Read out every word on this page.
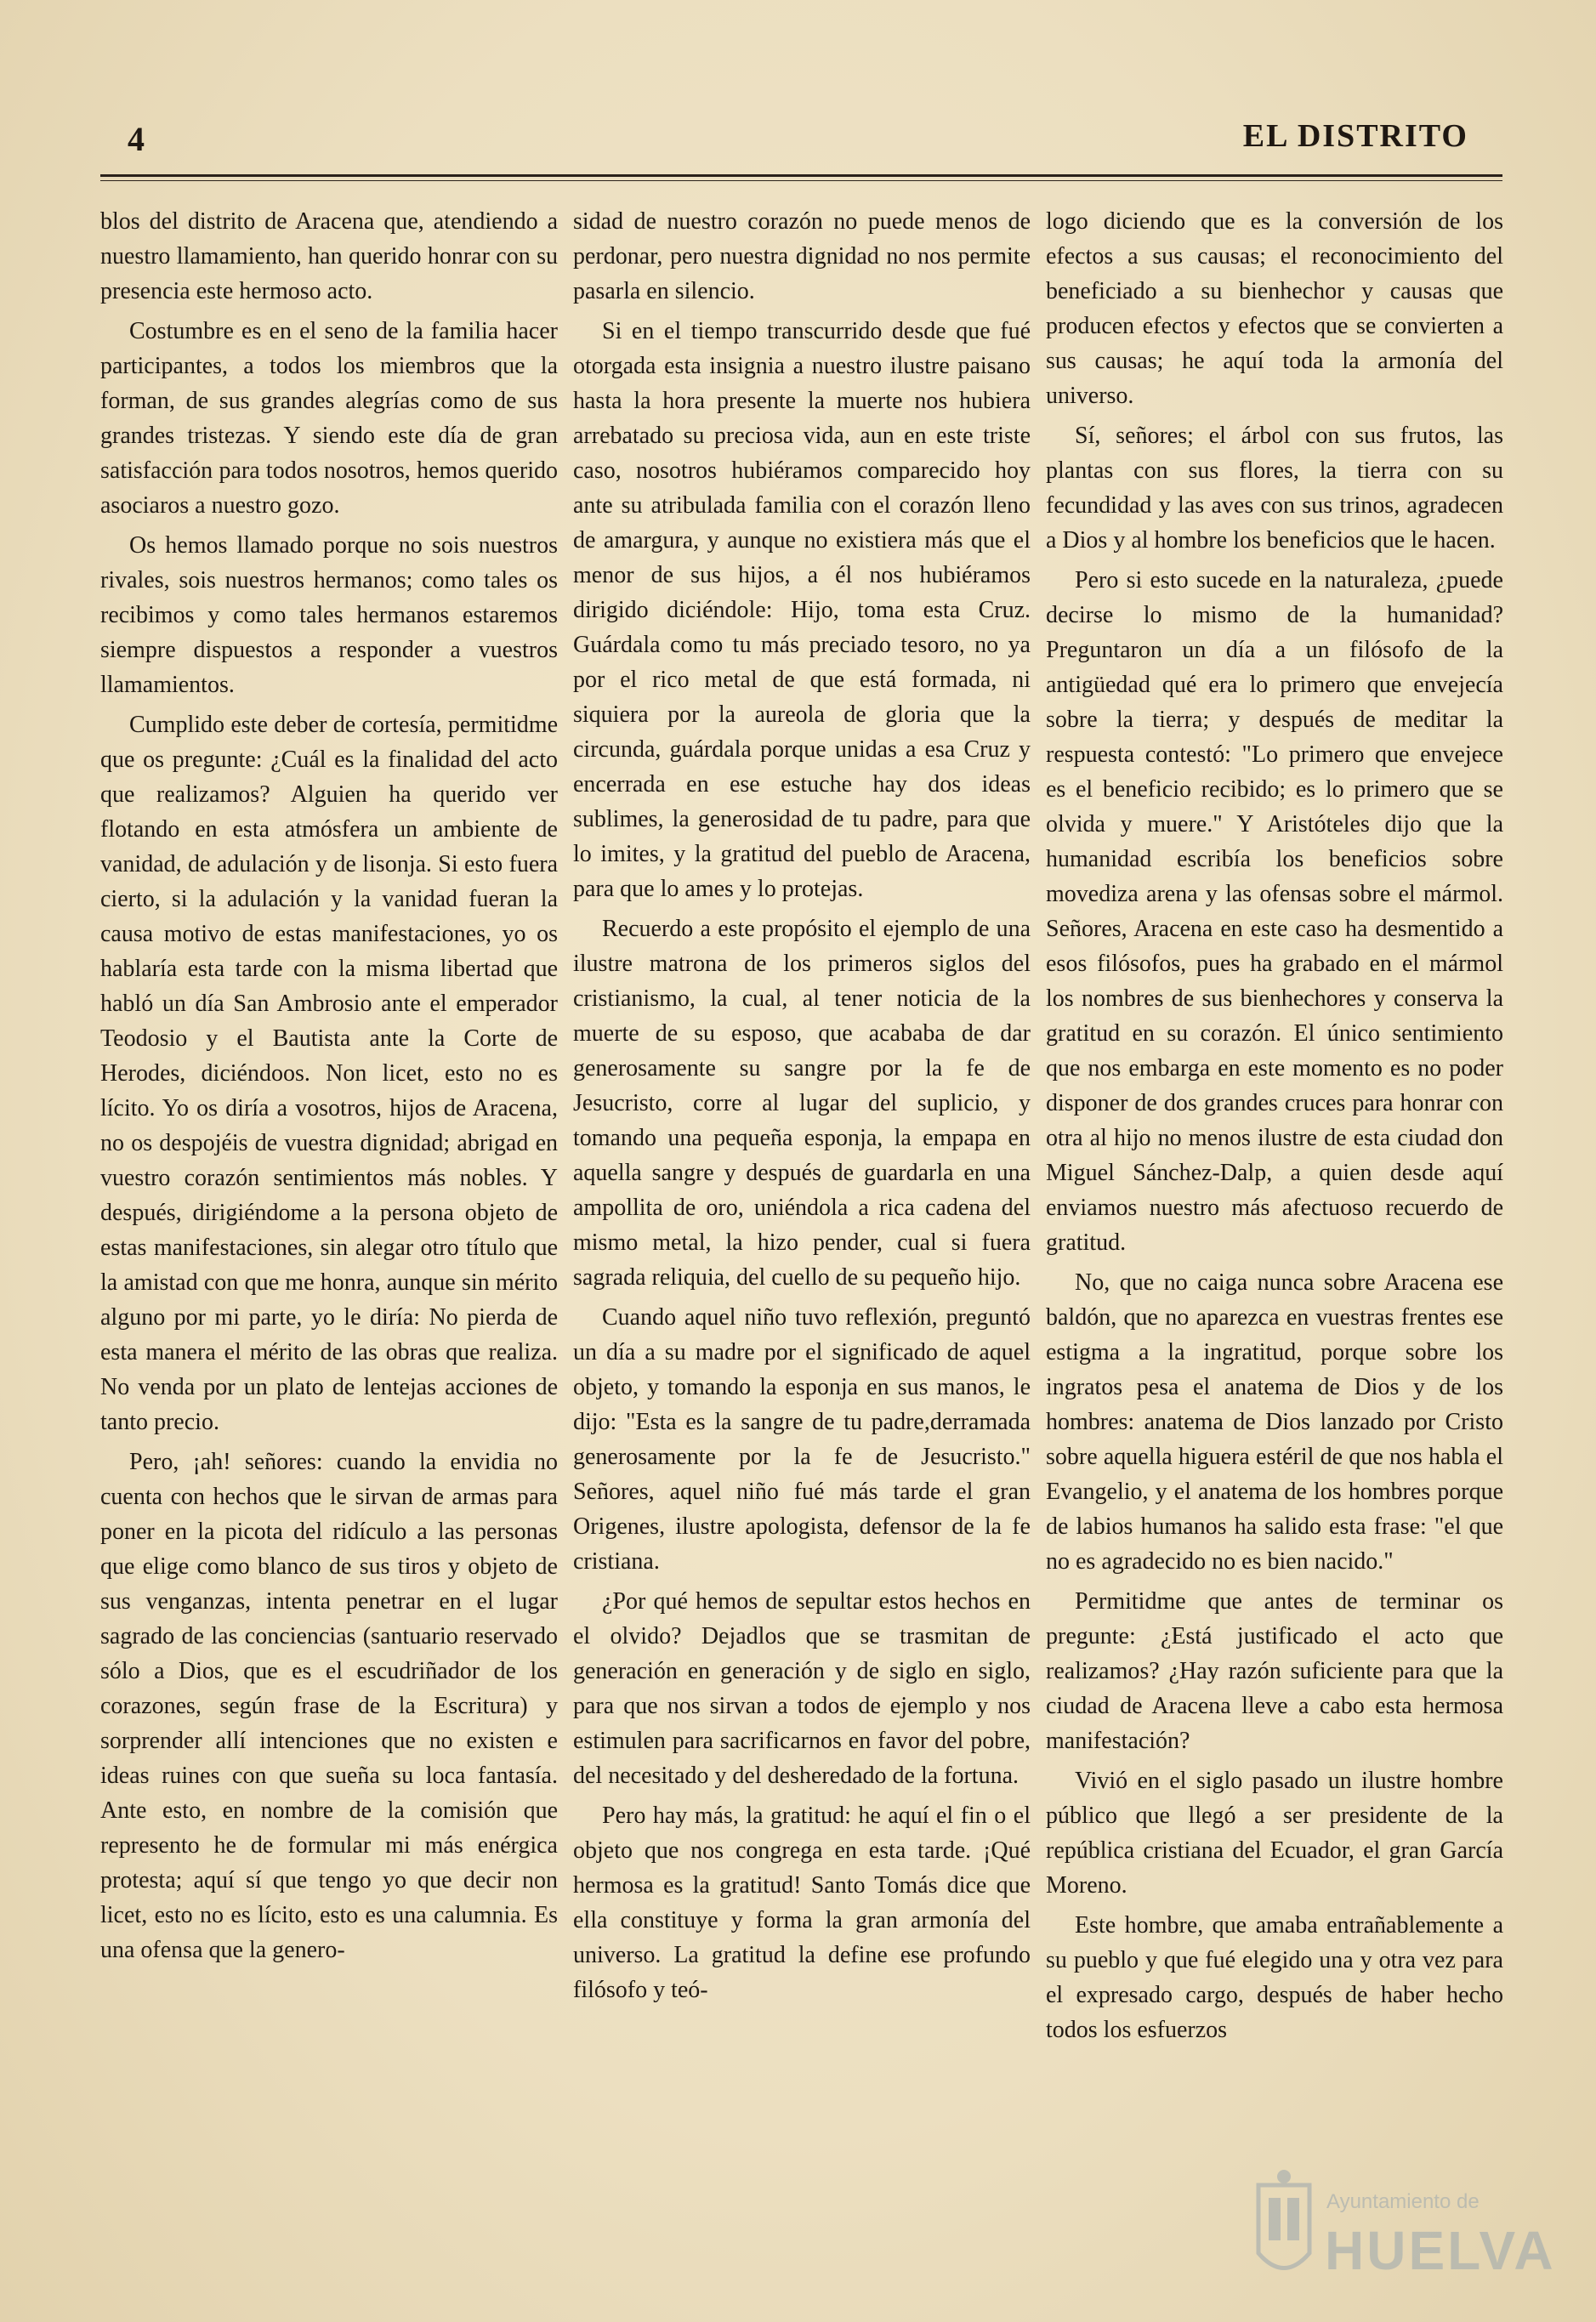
4	EL DISTRITO

blos del distrito de Aracena que, atendiendo a nuestro llamamiento, han querido honrar con su presencia este hermoso acto.

Costumbre es en el seno de la familia hacer participantes, a todos los miembros que la forman, de sus grandes alegrías como de sus grandes tristezas. Y siendo este día de gran satisfacción para todos nosotros, hemos querido asociaros a nuestro gozo.

Os hemos llamado porque no sois nuestros rivales, sois nuestros hermanos; como tales os recibimos y como tales hermanos estaremos siempre dispuestos a responder a vuestros llamamientos.

Cumplido este deber de cortesía, permitidme que os pregunte: ¿Cuál es la finalidad del acto que realizamos? Alguien ha querido ver flotando en esta atmósfera un ambiente de vanidad, de adulación y de lisonja. Si esto fuera cierto, si la adulación y la vanidad fueran la causa motivo de estas manifestaciones, yo os hablaría esta tarde con la misma libertad que habló un día San Ambrosio ante el emperador Teodosio y el Bautista ante la Corte de Herodes, diciéndoos. Non licet, esto no es lícito. Yo os diría a vosotros, hijos de Aracena, no os despojéis de vuestra dignidad; abrigad en vuestro corazón sentimientos más nobles. Y después, dirigiéndome a la persona objeto de estas manifestaciones, sin alegar otro título que la amistad con que me honra, aunque sin mérito alguno por mi parte, yo le diría: No pierda de esta manera el mérito de las obras que realiza. No venda por un plato de lentejas acciones de tanto precio.

Pero, ¡ah! señores: cuando la envidia no cuenta con hechos que le sirvan de armas para poner en la picota del ridículo a las personas que elige como blanco de sus tiros y objeto de sus venganzas, intenta penetrar en el lugar sagrado de las conciencias (santuario reservado sólo a Dios, que es el escudriñador de los corazones, según frase de la Escritura) y sorprender allí intenciones que no existen e ideas ruines con que sueña su loca fantasía. Ante esto, en nombre de la comisión que represento he de formular mi más enérgica protesta; aquí sí que tengo yo que decir non licet, esto no es lícito, esto es una calumnia. Es una ofensa que la genero-

sidad de nuestro corazón no puede menos de perdonar, pero nuestra dignidad no nos permite pasarla en silencio.

Si en el tiempo transcurrido desde que fué otorgada esta insignia a nuestro ilustre paisano hasta la hora presente la muerte nos hubiera arrebatado su preciosa vida, aun en este triste caso, nosotros hubiéramos comparecido hoy ante su atribulada familia con el corazón lleno de amargura, y aunque no existiera más que el menor de sus hijos, a él nos hubiéramos dirigido diciéndole: Hijo, toma esta Cruz. Guárdala como tu más preciado tesoro, no ya por el rico metal de que está formada, ni siquiera por la aureola de gloria que la circunda, guárdala porque unidas a esa Cruz y encerrada en ese estuche hay dos ideas sublimes, la generosidad de tu padre, para que lo imites, y la gratitud del pueblo de Aracena, para que lo ames y lo protejas.

Recuerdo a este propósito el ejemplo de una ilustre matrona de los primeros siglos del cristianismo, la cual, al tener noticia de la muerte de su esposo, que acababa de dar generosamente su sangre por la fe de Jesucristo, corre al lugar del suplicio, y tomando una pequeña esponja, la empapa en aquella sangre y después de guardarla en una ampollita de oro, uniéndola a rica cadena del mismo metal, la hizo pender, cual si fuera sagrada reliquia, del cuello de su pequeño hijo.

Cuando aquel niño tuvo reflexión, preguntó un día a su madre por el significado de aquel objeto, y tomando la esponja en sus manos, le dijo: "Esta es la sangre de tu padre,derramada generosamente por la fe de Jesucristo." Señores, aquel niño fué más tarde el gran Origenes, ilustre apologista, defensor de la fe cristiana.

¿Por qué hemos de sepultar estos hechos en el olvido? Dejadlos que se trasmitan de generación en generación y de siglo en siglo, para que nos sirvan a todos de ejemplo y nos estimulen para sacrificarnos en favor del pobre, del necesitado y del desheredado de la fortuna.

Pero hay más, la gratitud: he aquí el fin o el objeto que nos congrega en esta tarde. ¡Qué hermosa es la gratitud! Santo Tomás dice que ella constituye y forma la gran armonía del universo. La gratitud la define ese profundo filósofo y teó-

logo diciendo que es la conversión de los efectos a sus causas; el reconocimiento del beneficiado a su bienhechor y causas que producen efectos y efectos que se convierten a sus causas; he aquí toda la armonía del universo.

Sí, señores; el árbol con sus frutos, las plantas con sus flores, la tierra con su fecundidad y las aves con sus trinos, agradecen a Dios y al hombre los beneficios que le hacen.

Pero si esto sucede en la naturaleza, ¿puede decirse lo mismo de la humanidad? Preguntaron un día a un filósofo de la antigüedad qué era lo primero que envejecía sobre la tierra; y después de meditar la respuesta contestó: "Lo primero que envejece es el beneficio recibido; es lo primero que se olvida y muere." Y Aristóteles dijo que la humanidad escribía los beneficios sobre movediza arena y las ofensas sobre el mármol. Señores, Aracena en este caso ha desmentido a esos filósofos, pues ha grabado en el mármol los nombres de sus bienhechores y conserva la gratitud en su corazón. El único sentimiento que nos embarga en este momento es no poder disponer de dos grandes cruces para honrar con otra al hijo no menos ilustre de esta ciudad don Miguel Sánchez-Dalp, a quien desde aquí enviamos nuestro más afectuoso recuerdo de gratitud.

No, que no caiga nunca sobre Aracena ese baldón, que no aparezca en vuestras frentes ese estigma a la ingratitud, porque sobre los ingratos pesa el anatema de Dios y de los hombres: anatema de Dios lanzado por Cristo sobre aquella higuera estéril de que nos habla el Evangelio, y el anatema de los hombres porque de labios humanos ha salido esta frase: "el que no es agradecido no es bien nacido."

Permitidme que antes de terminar os pregunte: ¿Está justificado el acto que realizamos? ¿Hay razón suficiente para que la ciudad de Aracena lleve a cabo esta hermosa manifestación?

Vivió en el siglo pasado un ilustre hombre público que llegó a ser presidente de la república cristiana del Ecuador, el gran García Moreno.

Este hombre, que amaba entrañablemente a su pueblo y que fué elegido una y otra vez para el expresado cargo, después de haber hecho todos los esfuerzos

Ayuntamiento de
HUELVA
